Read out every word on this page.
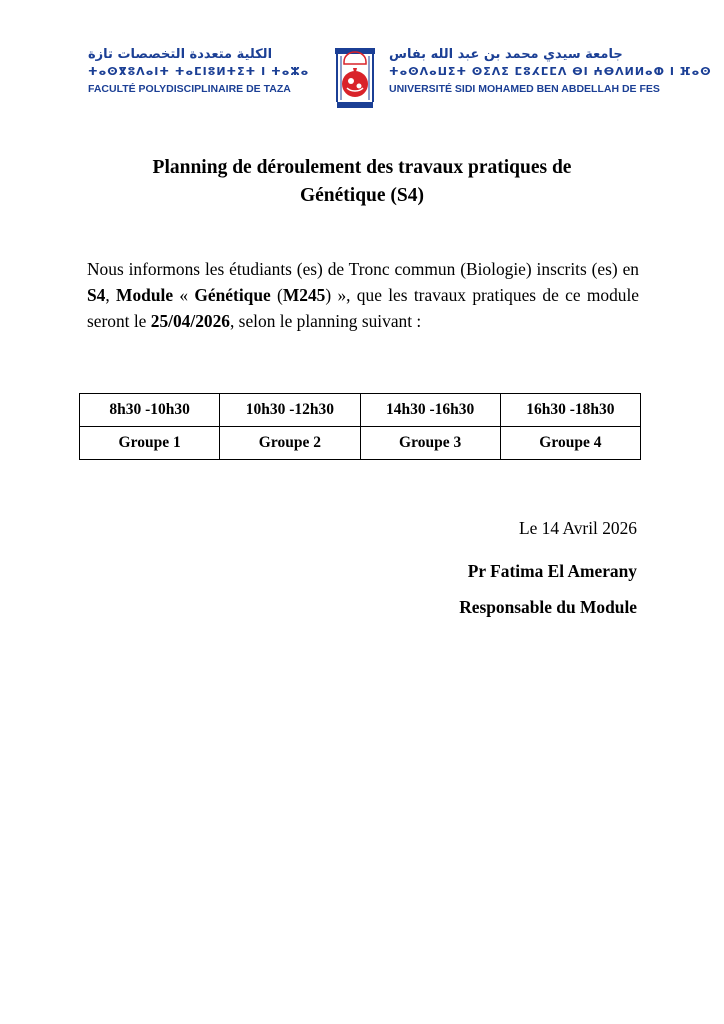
الكلية متعددة التخصصات تازة
ⵜⴰⵙⴳⵓⴷⴰⵏⵜ ⵜⴰⵎⵏⵓⵍⵜⵉⵜ ⵏ ⵜⴰⵣⴰ
FACULTÉ POLYDISCIPLINAIRE DE TAZA
جامعة سيدي محمد بن عبد الله بفاس
ⵜⴰⵙⴷⴰⵡⵉⵜ ⵙⵉⴷⵉ ⵎⵓⵃⵎⵎⴷ ⴱⵏ ⵄⴱⴷⵍⵍⴰⵀ ⵏ ⴼⴰⵙ
UNIVERSITÉ SIDI MOHAMED BEN ABDELLAH DE FES
Planning de déroulement des travaux pratiques de
Génétique (S4)

Nous informons les étudiants (es) de Tronc commun (Biologie) inscrits (es) en S4, Module « Génétique (M245) », que les travaux pratiques de ce module seront le 25/04/2026, selon le planning suivant :

8h30 -10h30	10h30 -12h30	14h30 -16h30	16h30 -18h30
Groupe 1	Groupe 2	Groupe 3	Groupe 4
Le 14 Avril 2026
Pr Fatima El Amerany
Responsable du Module
